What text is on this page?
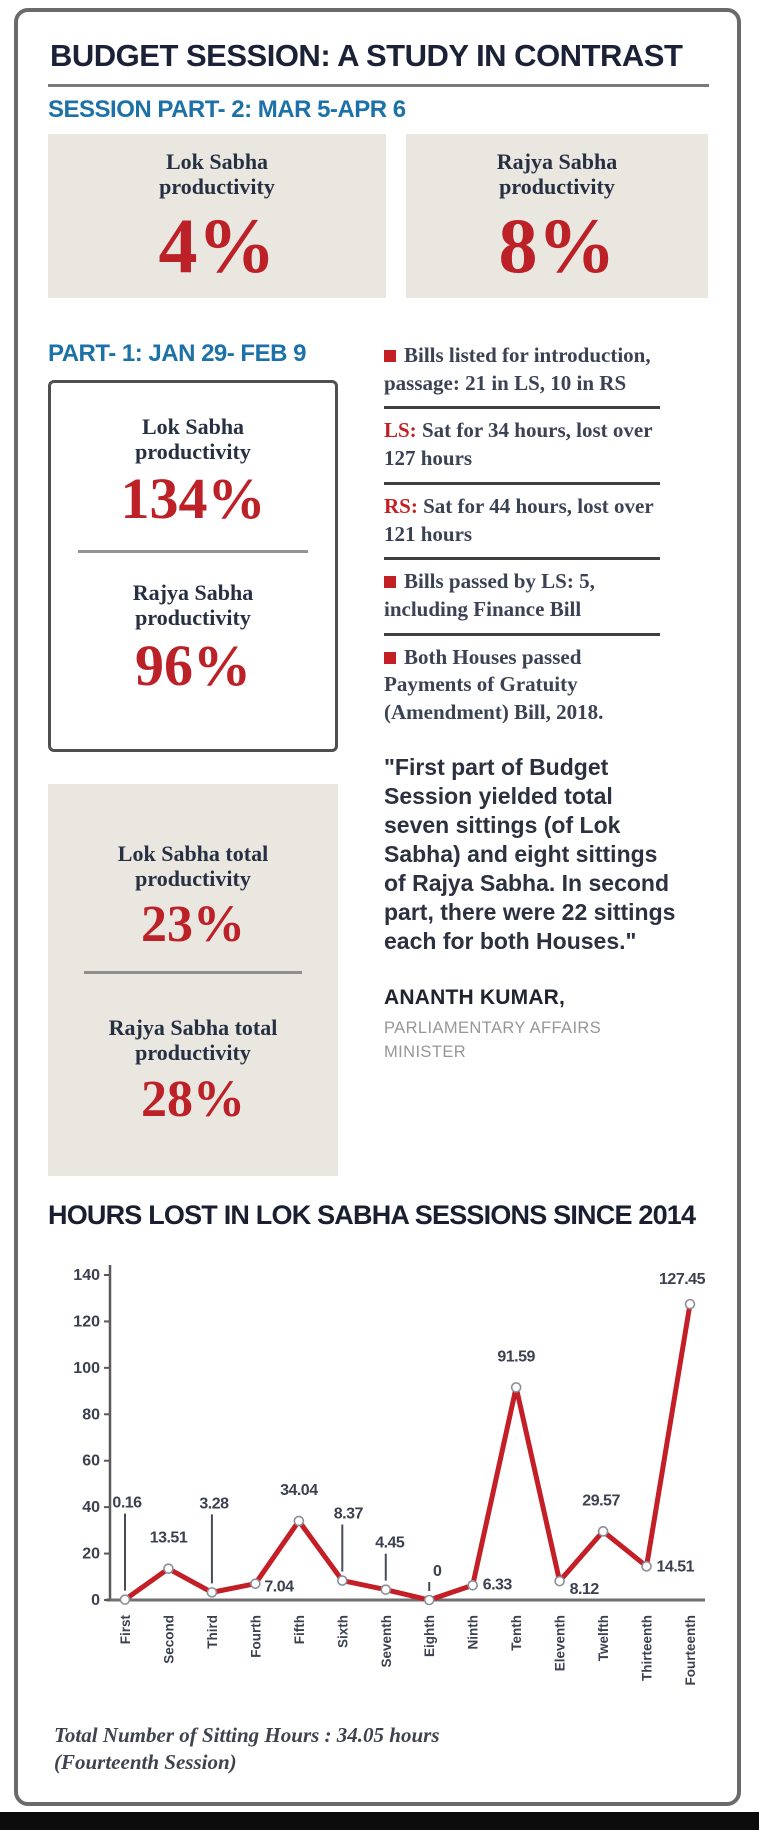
BUDGET SESSION: A STUDY IN CONTRAST
SESSION PART- 2: MAR 5-APR 6
Lok Sabha productivity
4%
Rajya Sabha productivity
8%
PART- 1: JAN 29- FEB 9
Lok Sabha productivity
134%
Rajya Sabha productivity
96%
Lok Sabha total productivity
23%
Rajya Sabha total productivity
28%
Bills listed for introduction, passage: 21 in LS, 10 in RS
LS: Sat for 34 hours, lost over 127 hours
RS: Sat for 44 hours, lost over 121 hours
Bills passed by LS: 5, including Finance Bill
Both Houses passed Payments of Gratuity (Amendment) Bill, 2018.
"First part of Budget Session yielded total seven sittings (of Lok Sabha) and eight sittings of Rajya Sabha. In second part, there were 22 sittings each for both Houses."
ANANTH KUMAR,
PARLIAMENTARY AFFAIRS MINISTER
HOURS LOST IN LOK SABHA SESSIONS SINCE 2014
0
20
40
60
80
100
120
140
0.16
13.51
3.28
7.04
34.04
8.37
4.45
0
6.33
91.59
8.12
29.57
14.51
127.45
First Second Third Fourth Fifth Sixth Seventh Eighth Ninth Tenth Eleventh Twelfth Thirteenth Fourteenth
Total Number of Sitting Hours : 34.05 hours
(Fourteenth Session)
